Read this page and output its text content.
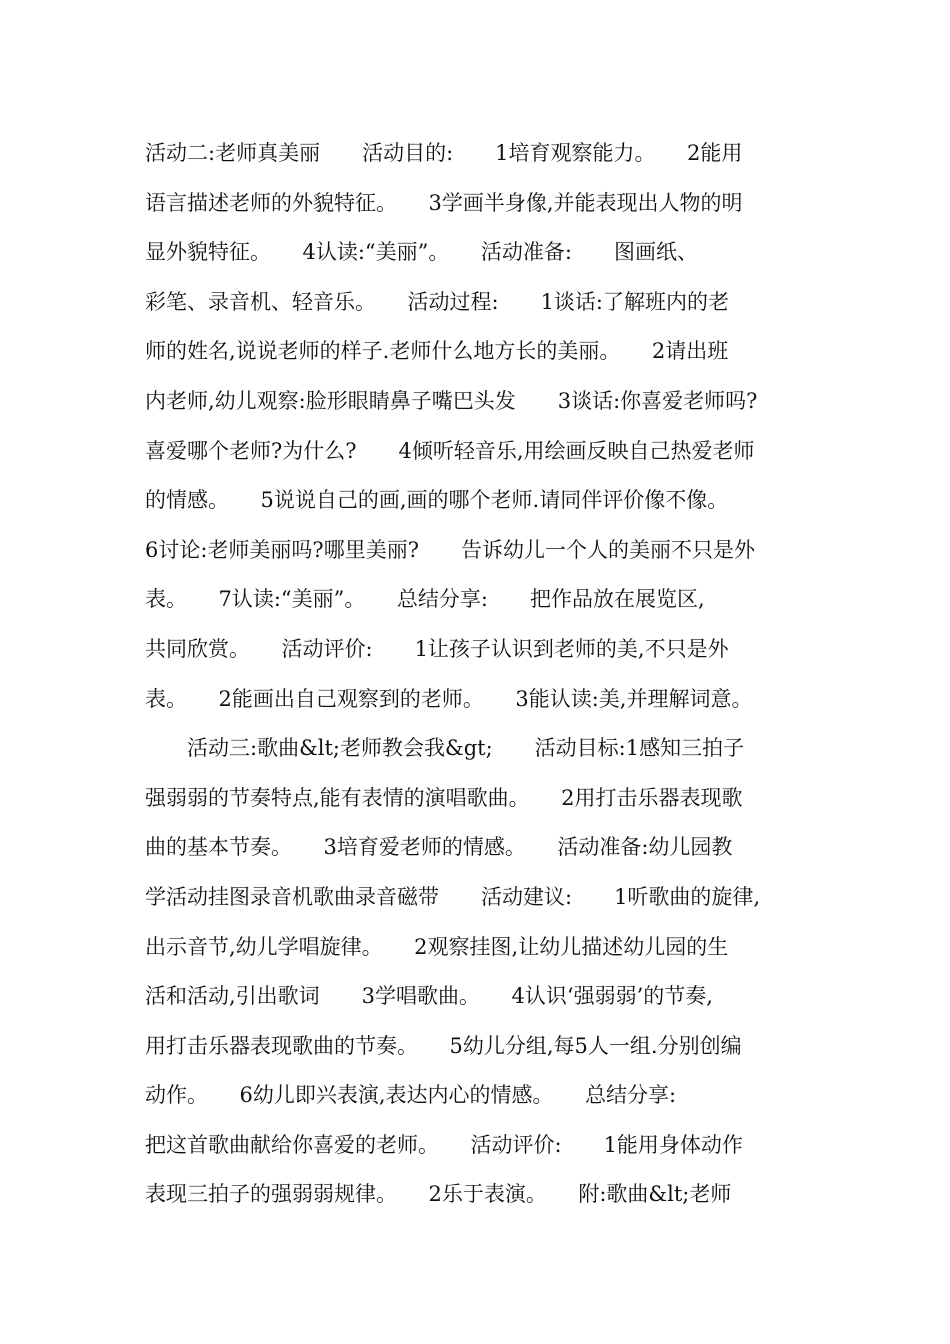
活动二:老师真美丽　　活动目的:　　1培育观察能力。　　2能用
语言描述老师的外貌特征。　　3学画半身像,并能表现出人物的明
显外貌特征。　　4认读:“美丽”。　　活动准备:　　图画纸、
彩笔、录音机、轻音乐。　　活动过程:　　1谈话:了解班内的老
师的姓名,说说老师的样子.老师什么地方长的美丽。　　2请出班
内老师,幼儿观察:脸形眼睛鼻子嘴巴头发　　3谈话:你喜爱老师吗?
喜爱哪个老师?为什么?　　4倾听轻音乐,用绘画反映自己热爱老师
的情感。　　5说说自己的画,画的哪个老师.请同伴评价像不像。
6讨论:老师美丽吗?哪里美丽?　　告诉幼儿一个人的美丽不只是外
表。　　7认读:“美丽”。　　总结分享:　　把作品放在展览区,
共同欣赏。　　活动评价:　　1让孩子认识到老师的美,不只是外
表。　　2能画出自己观察到的老师。　　3能认读:美,并理解词意。
　　活动三:歌曲&lt;老师教会我&gt;　　活动目标:1感知三拍子
强弱弱的节奏特点,能有表情的演唱歌曲。　　2用打击乐器表现歌
曲的基本节奏。　　3培育爱老师的情感。　　活动准备:幼儿园教
学活动挂图录音机歌曲录音磁带　　活动建议:　　1听歌曲的旋律,
出示音节,幼儿学唱旋律。　　2观察挂图,让幼儿描述幼儿园的生
活和活动,引出歌词　　3学唱歌曲。　　4认识‘强弱弱’的节奏,
用打击乐器表现歌曲的节奏。　　5幼儿分组,每5人一组.分别创编
动作。　　6幼儿即兴表演,表达内心的情感。　　总结分享:
把这首歌曲献给你喜爱的老师。　　活动评价:　　1能用身体动作
表现三拍子的强弱弱规律。　　2乐于表演。　　附:歌曲&lt;老师
